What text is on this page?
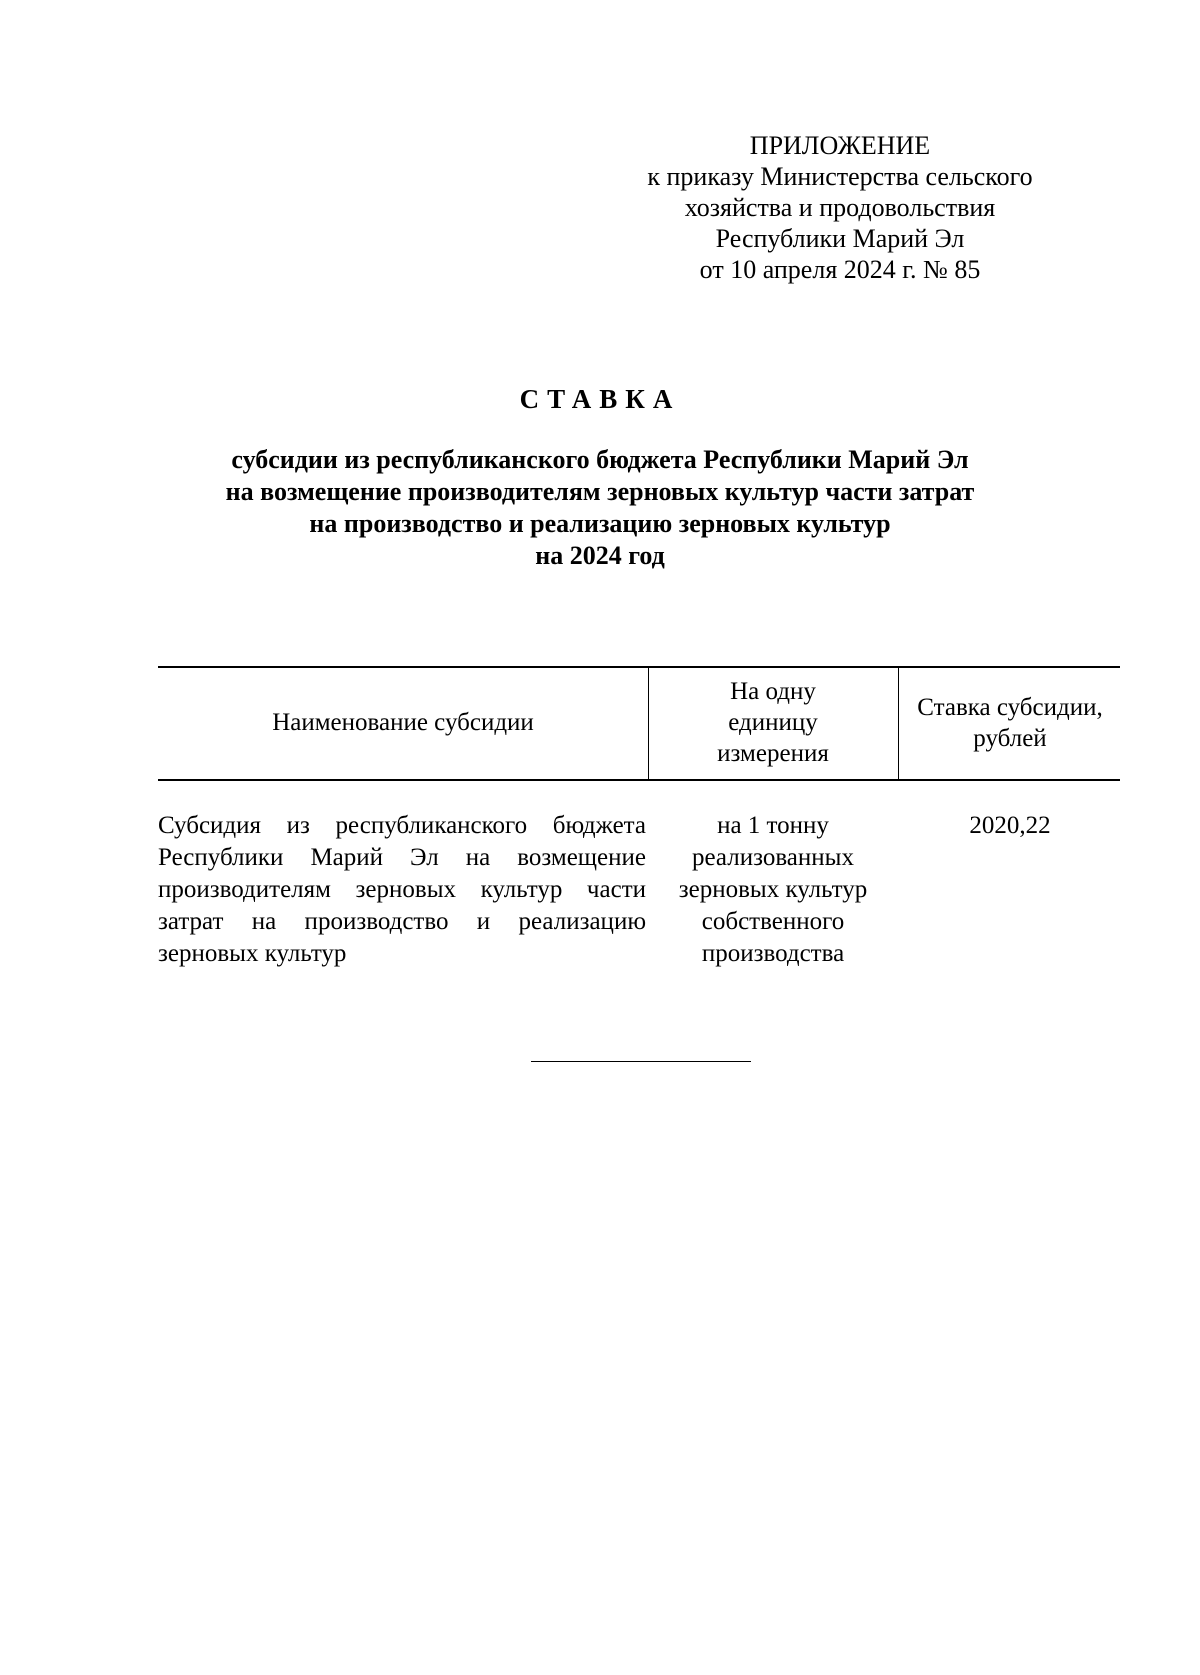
ПРИЛОЖЕНИЕ
к приказу Министерства сельского
хозяйства и продовольствия
Республики Марий Эл
от 10 апреля 2024 г. № 85
СТАВКА
субсидии из республиканского бюджета Республики Марий Эл
на возмещение производителям зерновых культур части затрат
на производство и реализацию зерновых культур
на 2024 год
Наименование субсидии
На одну
единицу
измерения
Ставка субсидии,
рублей
Субсидия из республиканского бюджета
Республики Марий Эл на возмещение
производителям зерновых культур части
затрат на производство и реализацию
зерновых культур
на 1 тонну
реализованных
зерновых культур
собственного
производства
2020,22
